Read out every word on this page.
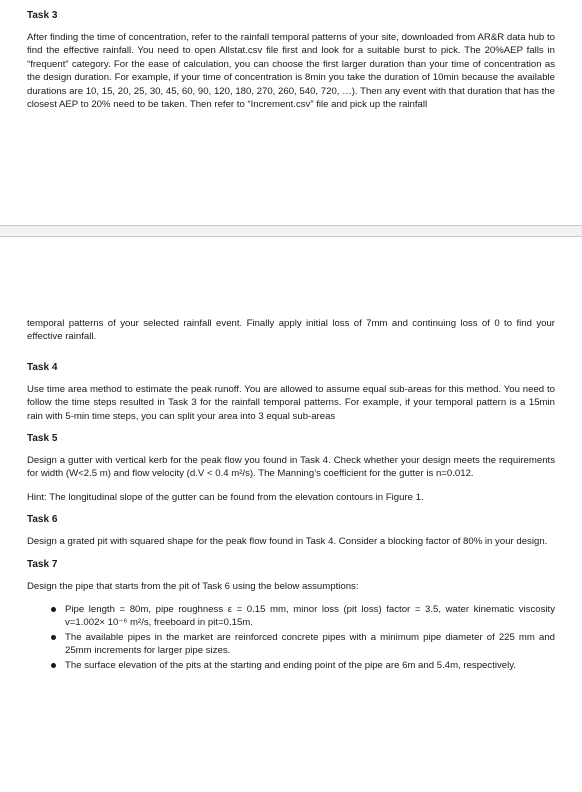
Task 3

After finding the time of concentration, refer to the rainfall temporal patterns of your site, downloaded from AR&R data hub to find the effective rainfall. You need to open Allstat.csv file first and look for a suitable burst to pick. The 20%AEP falls in “frequent” category. For the ease of calculation, you can choose the first larger duration than your time of concentration as the design duration. For example, if your time of concentration is 8min you take the duration of 10min because the available durations are 10, 15, 20, 25, 30, 45, 60, 90, 120, 180, 270, 260, 540, 720, …). Then any event with that duration that has the closest AEP to 20% need to be taken. Then refer to “Increment.csv” file and pick up the rainfall

temporal patterns of your selected rainfall event. Finally apply initial loss of 7mm and continuing loss of 0 to find your effective rainfall.

Task 4

Use time area method to estimate the peak runoff. You are allowed to assume equal sub-areas for this method. You need to follow the time steps resulted in Task 3 for the rainfall temporal patterns. For example, if your temporal pattern is a 15min rain with 5-min time steps, you can split your area into 3 equal sub-areas

Task 5

Design a gutter with vertical kerb for the peak flow you found in Task 4. Check whether your design meets the requirements for width (W<2.5 m) and flow velocity (d.V < 0.4 m²/s). The Manning’s coefficient for the gutter is n=0.012.

Hint: The longitudinal slope of the gutter can be found from the elevation contours in Figure 1.

Task 6

Design a grated pit with squared shape for the peak flow found in Task 4. Consider a blocking factor of 80% in your design.

Task 7

Design the pipe that starts from the pit of Task 6 using the below assumptions:

Pipe length = 80m, pipe roughness ε = 0.15 mm, minor loss (pit loss) factor = 3.5, water kinematic viscosity v=1.002× 10⁻⁶ m²/s, freeboard in pit=0.15m.
The available pipes in the market are reinforced concrete pipes with a minimum pipe diameter of 225 mm and 25mm increments for larger pipe sizes.
The surface elevation of the pits at the starting and ending point of the pipe are 6m and 5.4m, respectively.
